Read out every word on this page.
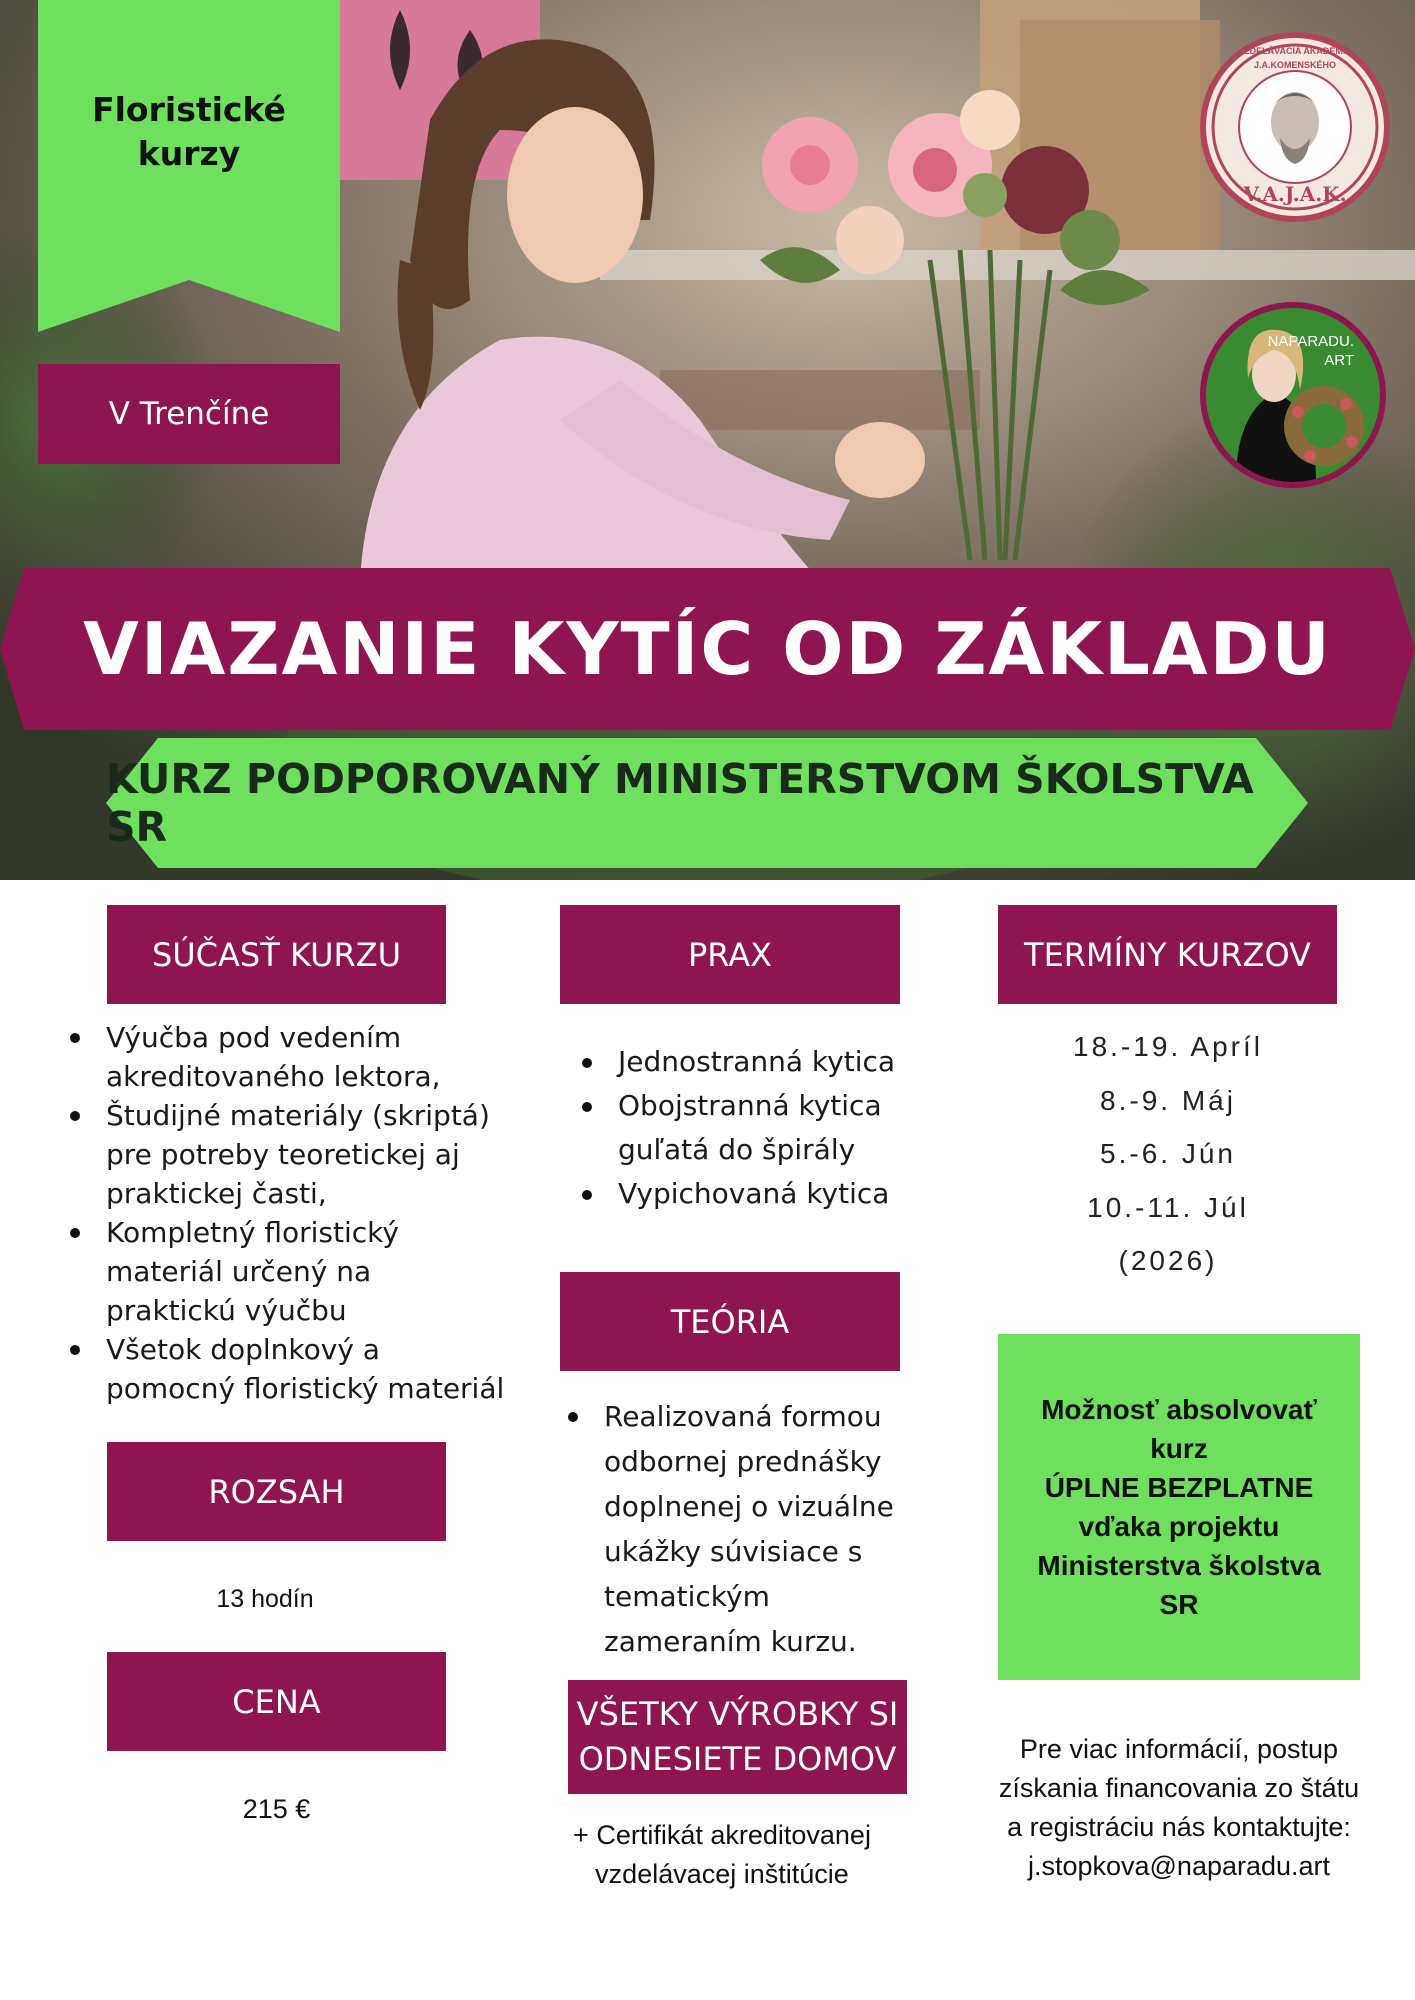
Floristické
kurzy
V Trenčíne
VZDELÁVACIA AKADÉMIA
J.A.KOMENSKÉHO
V.A.J.A.K.
NAPARADU.
ART
VIAZANIE KYTÍC OD ZÁKLADU
KURZ PODPOROVANÝ MINISTERSTVOM ŠKOLSTVA SR
SÚČASŤ KURZU
Výučba pod vedením akreditovaného lektora,
Študijné materiály (skriptá) pre potreby teoretickej aj praktickej časti,
Kompletný floristický materiál určený na praktickú výučbu
Všetok doplnkový a pomocný floristický materiál
ROZSAH
13 hodín
CENA
215 €
PRAX
Jednostranná kytica
Obojstranná kytica guľatá do špirály
Vypichovaná kytica
TEÓRIA
Realizovaná formou odbornej prednášky doplnenej o vizuálne ukážky súvisiace s tematickým zameraním kurzu.
VŠETKY VÝROBKY SI ODNESIETE DOMOV
+ Certifikát akreditovanej vzdelávacej inštitúcie
TERMÍNY KURZOV
18.-19. Apríl
8.-9. Máj
5.-6. Jún
10.-11. Júl
(2026)
Možnosť absolvovať kurz
ÚPLNE BEZPLATNE
vďaka projektu Ministerstva školstva SR
Pre viac informácií, postup získania financovania zo štátu a registráciu nás kontaktujte:
j.stopkova@naparadu.art
